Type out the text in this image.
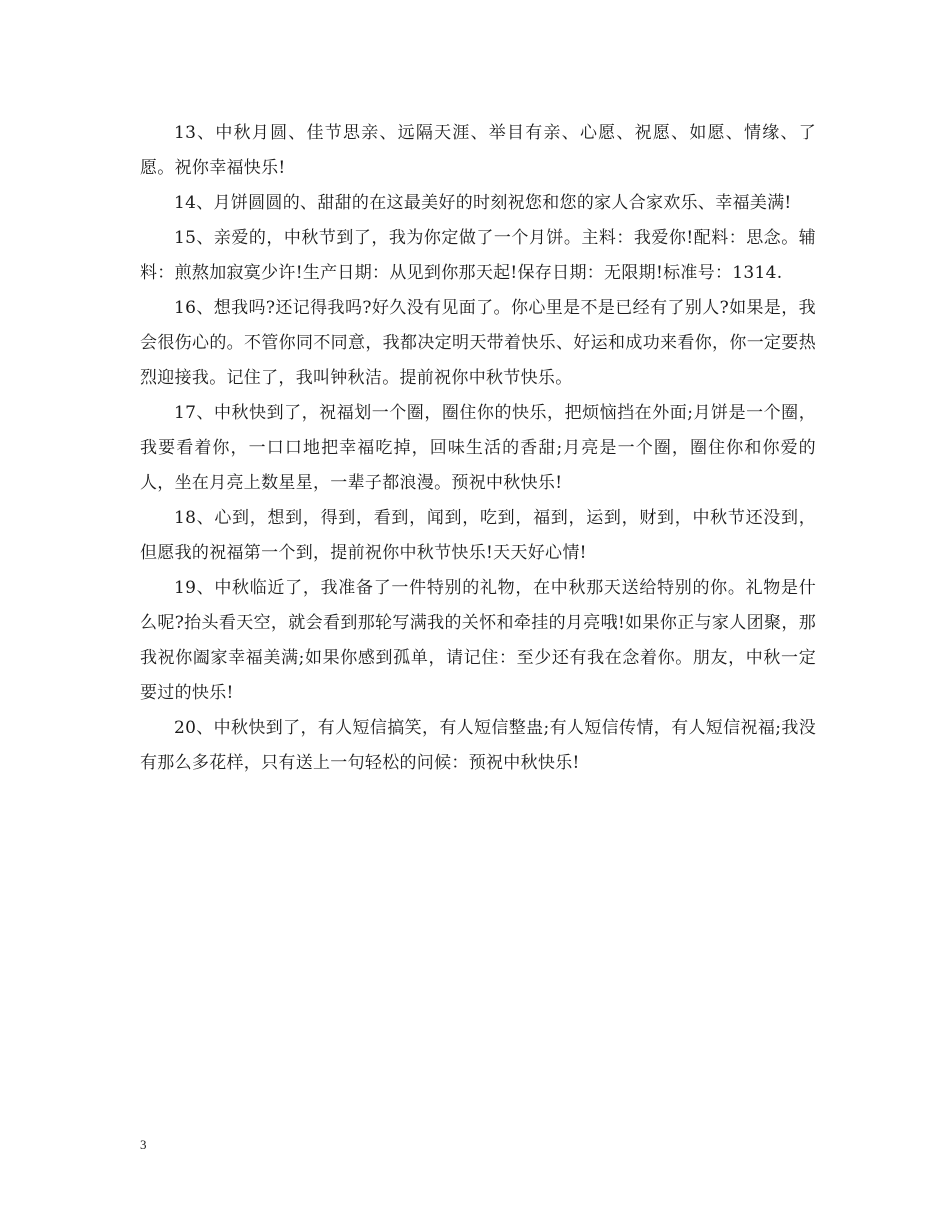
13、中秋月圆、佳节思亲、远隔天涯、举目有亲、心愿、祝愿、如愿、情缘、了愿。祝你幸福快乐!

14、月饼圆圆的、甜甜的在这最美好的时刻祝您和您的家人合家欢乐、幸福美满!

15、亲爱的，中秋节到了，我为你定做了一个月饼。主料：我爱你!配料：思念。辅料：煎熬加寂寞少许!生产日期：从见到你那天起!保存日期：无限期!标准号：1314.

16、想我吗?还记得我吗?好久没有见面了。你心里是不是已经有了别人?如果是，我会很伤心的。不管你同不同意，我都决定明天带着快乐、好运和成功来看你，你一定要热烈迎接我。记住了，我叫钟秋洁。提前祝你中秋节快乐。

17、中秋快到了，祝福划一个圈，圈住你的快乐，把烦恼挡在外面;月饼是一个圈，我要看着你，一口口地把幸福吃掉，回味生活的香甜;月亮是一个圈，圈住你和你爱的人，坐在月亮上数星星，一辈子都浪漫。预祝中秋快乐!

18、心到，想到，得到，看到，闻到，吃到，福到，运到，财到，中秋节还没到，但愿我的祝福第一个到，提前祝你中秋节快乐!天天好心情!

19、中秋临近了，我准备了一件特别的礼物，在中秋那天送给特别的你。礼物是什么呢?抬头看天空，就会看到那轮写满我的关怀和牵挂的月亮哦!如果你正与家人团聚，那我祝你阖家幸福美满;如果你感到孤单，请记住：至少还有我在念着你。朋友，中秋一定要过的快乐!

20、中秋快到了，有人短信搞笑，有人短信整蛊;有人短信传情，有人短信祝福;我没有那么多花样，只有送上一句轻松的问候：预祝中秋快乐!

3
